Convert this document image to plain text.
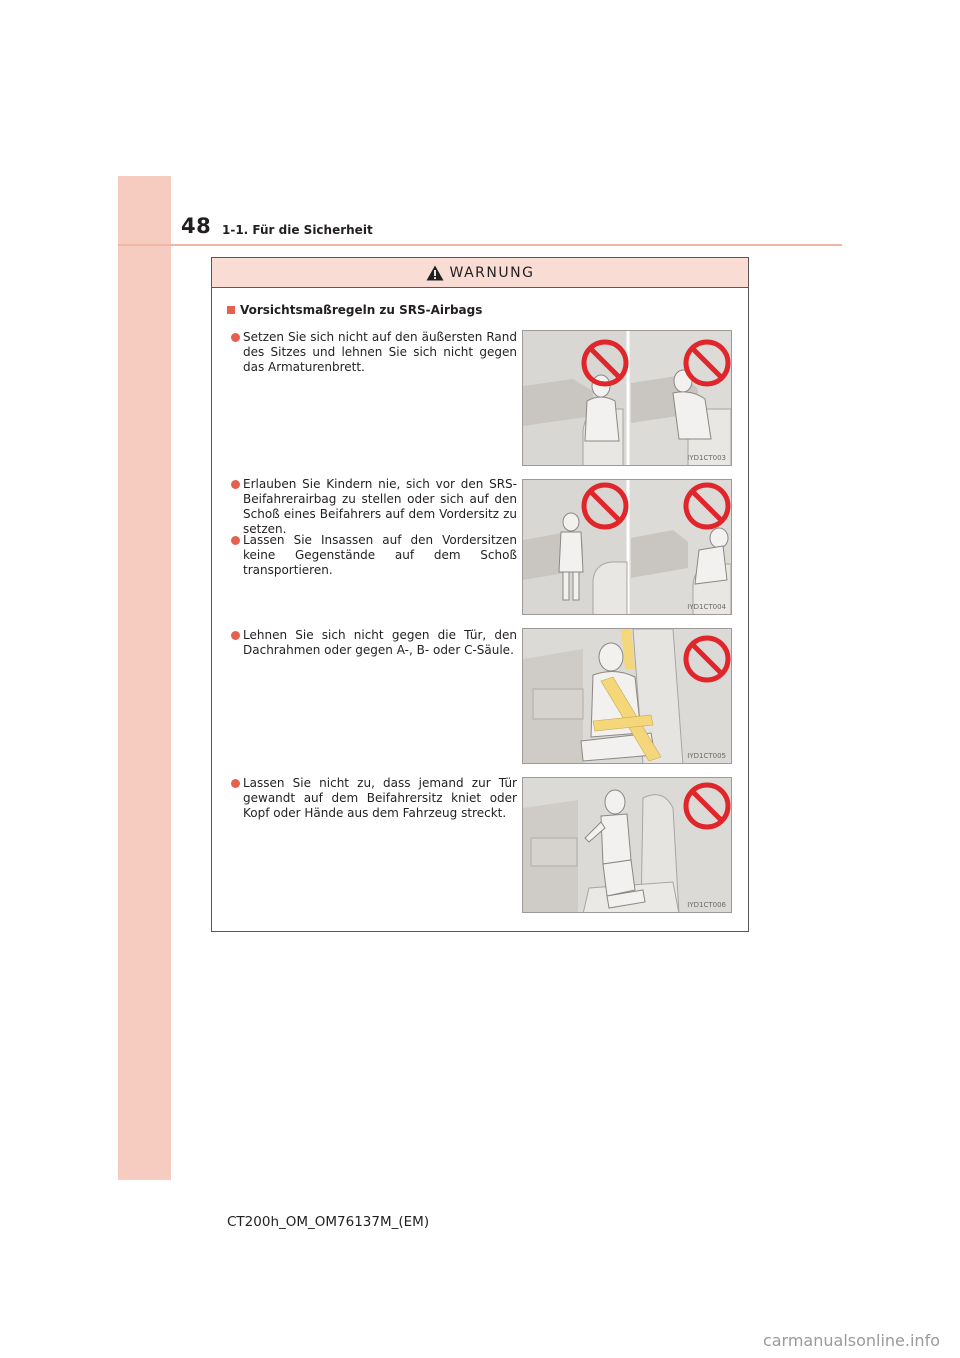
48 1-1. Für die Sicherheit
WARNUNG
Vorsichtsmaßregeln zu SRS-Airbags
Setzen Sie sich nicht auf den äußersten Rand des Sitzes und lehnen Sie sich nicht gegen das Armaturenbrett.
Erlauben Sie Kindern nie, sich vor den SRS-Beifahrerairbag zu stellen oder sich auf den Schoß eines Beifahrers auf dem Vordersitz zu setzen.
Lassen Sie Insassen auf den Vordersitzen keine Gegenstände auf dem Schoß transportieren.
Lehnen Sie sich nicht gegen die Tür, den Dachrahmen oder gegen A-, B- oder C-Säule.
Lassen Sie nicht zu, dass jemand zur Tür gewandt auf dem Beifahrersitz kniet oder Kopf oder Hände aus dem Fahrzeug streckt.
IYD1CT003
IYD1CT004
IYD1CT005
IYD1CT006
CT200h_OM_OM76137M_(EM)
carmanualsonline.info
